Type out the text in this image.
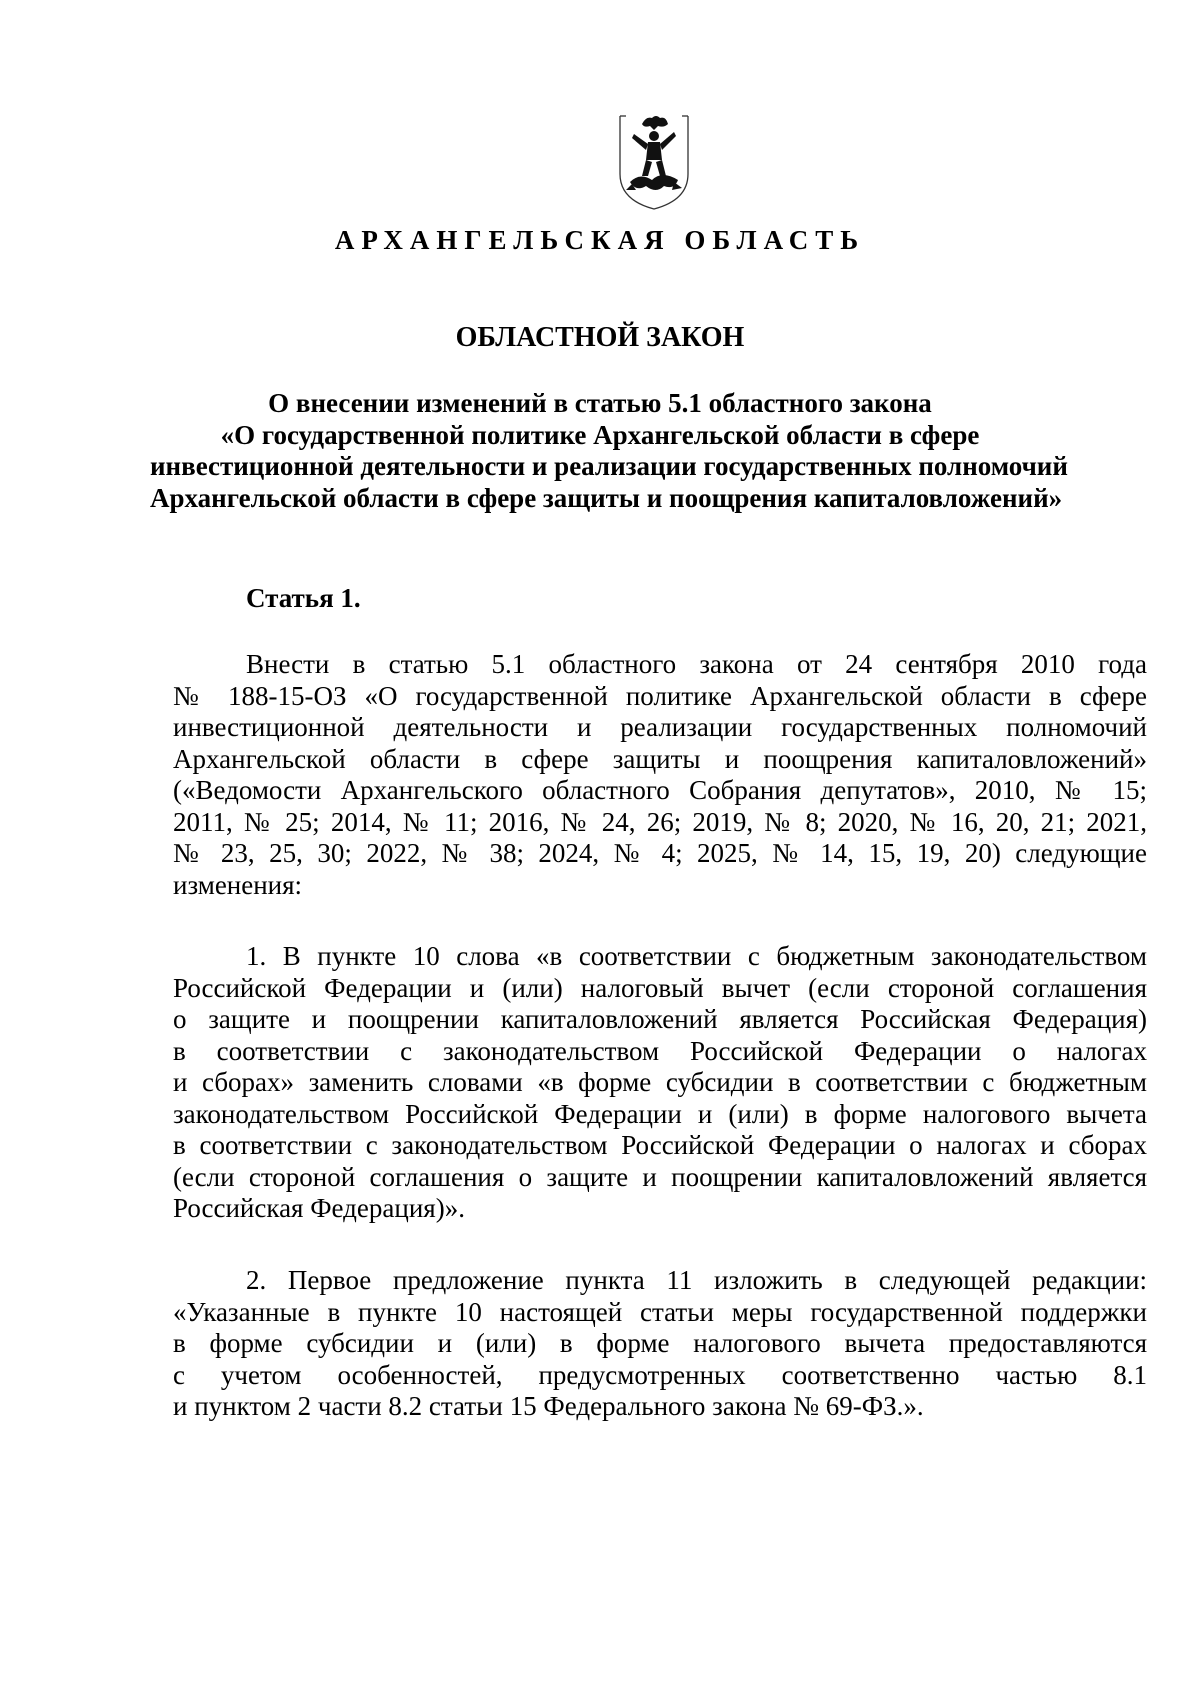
АРХАНГЕЛЬСКАЯ ОБЛАСТЬ
ОБЛАСТНОЙ ЗАКОН
О внесении изменений в статью 5.1 областного закона
«О государственной политике Архангельской области в сфере
инвестиционной деятельности и реализации государственных полномочий
Архангельской области в сфере защиты и поощрения капиталовложений»
Статья 1.
Внести в статью 5.1 областного закона от 24 сентября 2010 года
№ 188-15-ОЗ «О государственной политике Архангельской области в сфере
инвестиционной деятельности и реализации государственных полномочий
Архангельской области в сфере защиты и поощрения капиталовложений»
(«Ведомости Архангельского областного Собрания депутатов», 2010, № 15;
2011, № 25; 2014, № 11; 2016, № 24, 26; 2019, № 8; 2020, № 16, 20, 21; 2021,
№ 23, 25, 30; 2022, № 38; 2024, № 4; 2025, № 14, 15, 19, 20) следующие
изменения:
1. В пункте 10 слова «в соответствии с бюджетным законодательством
Российской Федерации и (или) налоговый вычет (если стороной соглашения
о защите и поощрении капиталовложений является Российская Федерация)
в соответствии с законодательством Российской Федерации о налогах
и сборах» заменить словами «в форме субсидии в соответствии с бюджетным
законодательством Российской Федерации и (или) в форме налогового вычета
в соответствии с законодательством Российской Федерации о налогах и сборах
(если стороной соглашения о защите и поощрении капиталовложений является
Российская Федерация)».
2. Первое предложение пункта 11 изложить в следующей редакции:
«Указанные в пункте 10 настоящей статьи меры государственной поддержки
в форме субсидии и (или) в форме налогового вычета предоставляются
с учетом особенностей, предусмотренных соответственно частью 8.1
и пунктом 2 части 8.2 статьи 15 Федерального закона № 69-ФЗ.».
